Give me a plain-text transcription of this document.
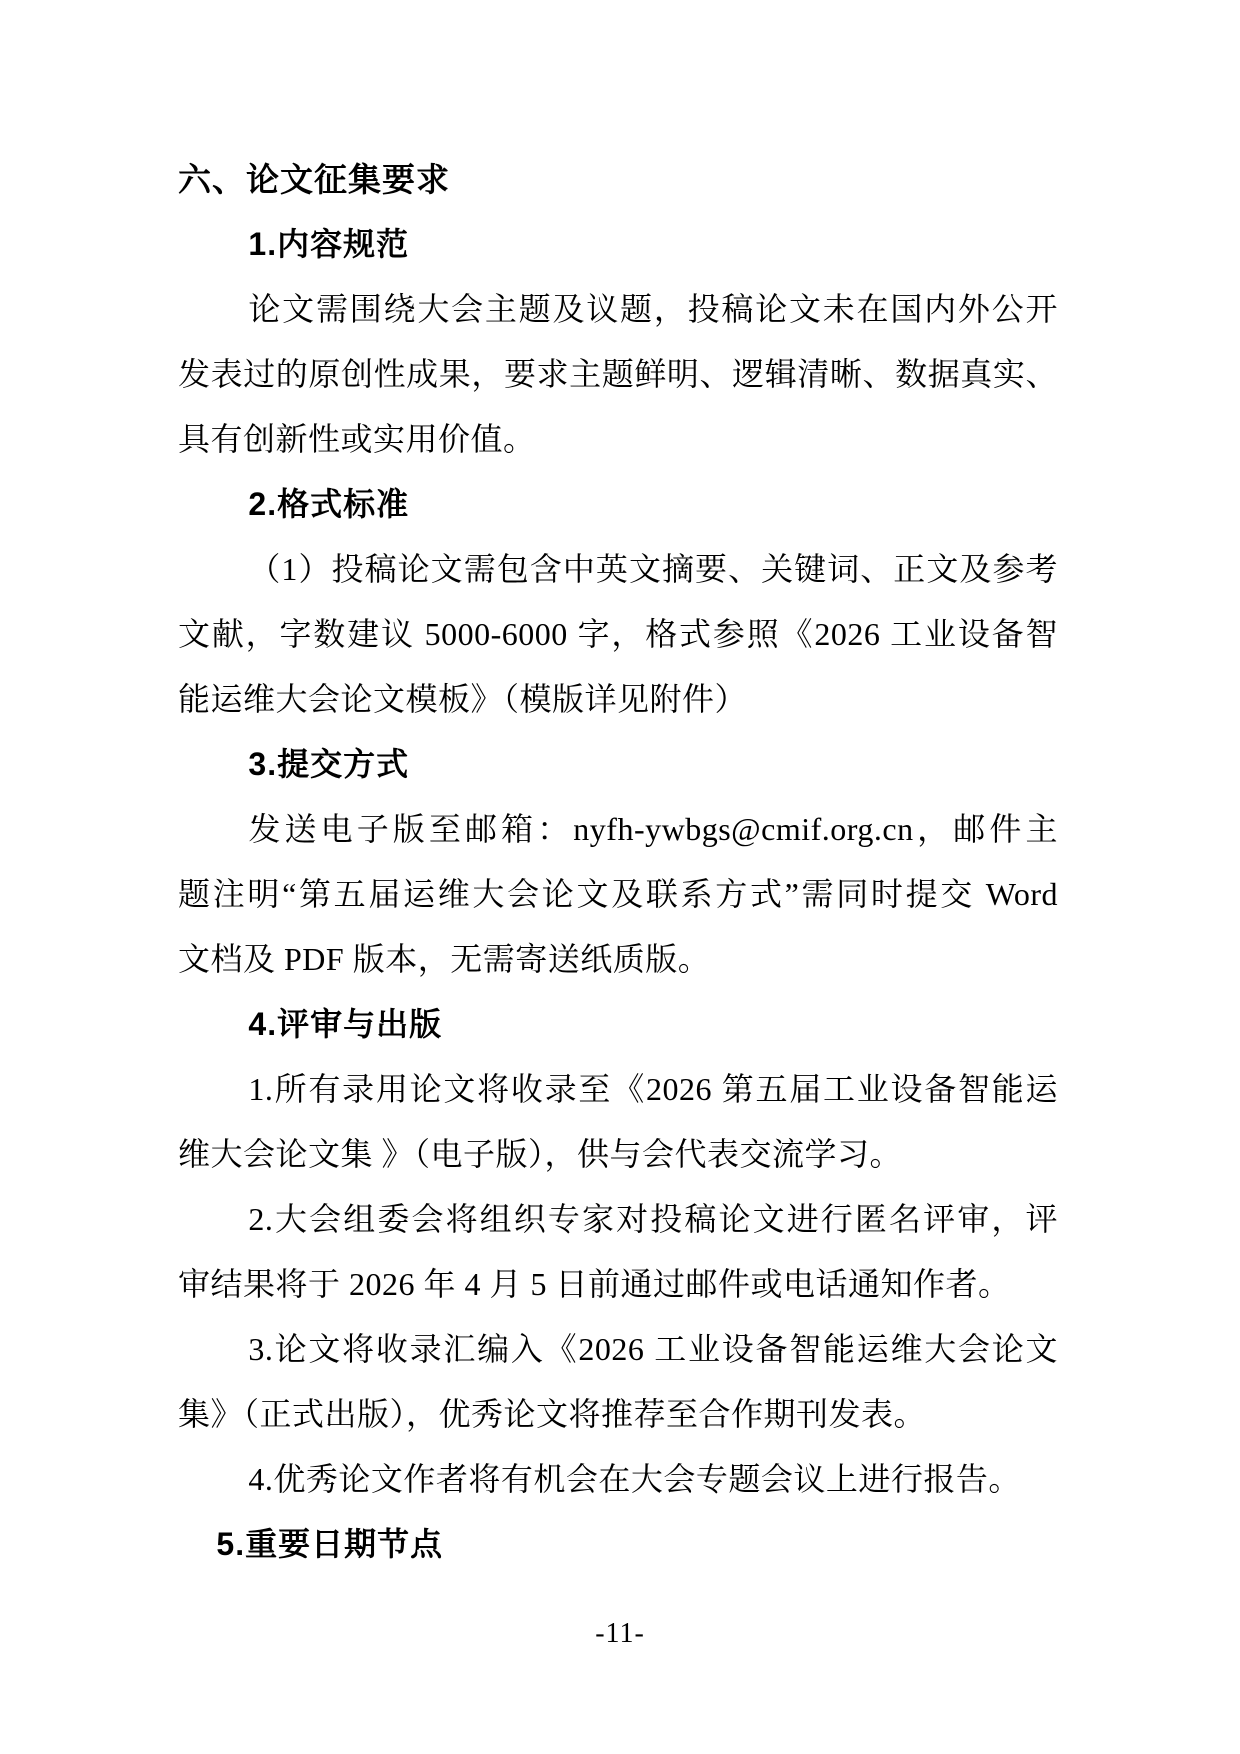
六、论文征集要求
1.内容规范
论文需围绕大会主题及议题，投稿论文未在国内外公开
发表过的原创性成果，要求主题鲜明、逻辑清晰、数据真实、
具有创新性或实用价值。
2.格式标准
（1）投稿论文需包含中英文摘要、关键词、正文及参考
文献，字数建议 5000-6000 字，格式参照《2026 工业设备智
能运维大会论文模板》（模版详见附件）
3.提交方式
发送电子版至邮箱：nyfh-ywbgs@cmif.org.cn，邮件主
题注明“第五届运维大会论文及联系方式”需同时提交 Word
文档及 PDF 版本，无需寄送纸质版。
4.评审与出版
1.所有录用论文将收录至《2026 第五届工业设备智能运
维大会论文集 》（电子版），供与会代表交流学习。
2.大会组委会将组织专家对投稿论文进行匿名评审，评
审结果将于 2026 年 4 月 5 日前通过邮件或电话通知作者。
3.论文将收录汇编入《2026 工业设备智能运维大会论文
集》（正式出版），优秀论文将推荐至合作期刊发表。
4.优秀论文作者将有机会在大会专题会议上进行报告。
5.重要日期节点
-11-
